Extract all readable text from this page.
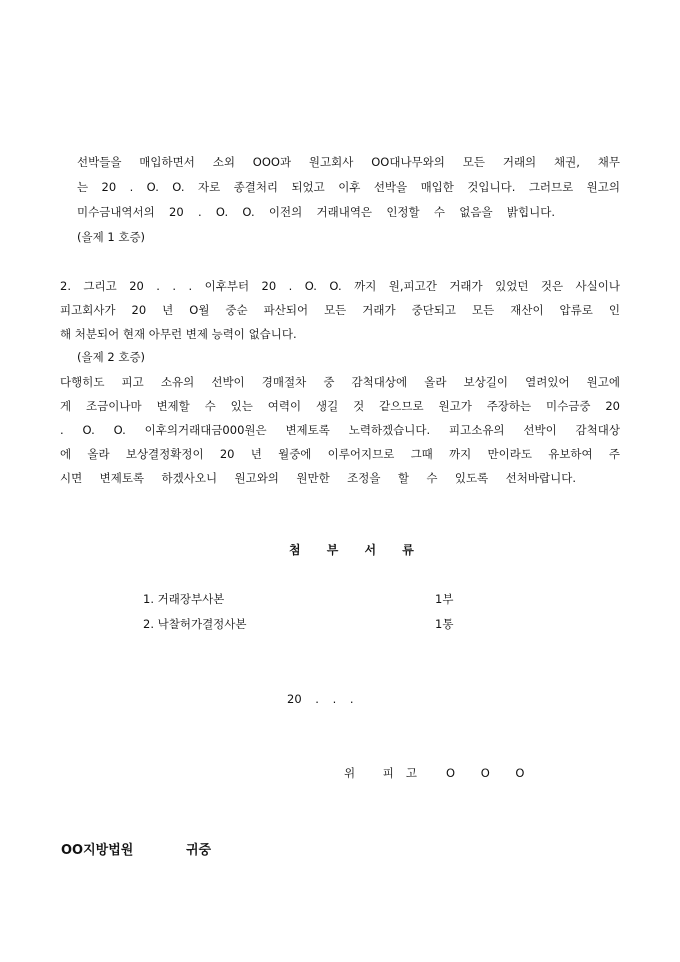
선박들을 매입하면서 소외 OOO과 원고회사 OO대나무와의 모든 거래의 채권, 채무
는 20 . O. O. 자로 종결처리 되었고 이후 선박을 매입한 것입니다. 그러므로 원고의
미수금내역서의 20 . O. O. 이전의 거래내역은 인정할 수 없음을 밝힙니다.
(을제 1 호증)
2. 그리고 20 . . . 이후부터 20 . O. O. 까지 원,피고간 거래가 있었던 것은 사실이나
피고회사가 20 년 O월 중순 파산되어 모든 거래가 중단되고 모든 재산이 압류로 인
해 처분되어 현재 아무런 변제 능력이 없습니다.
(을제 2 호증)
다행히도 피고 소유의 선박이 경매절차 중 감척대상에 올라 보상길이 열려있어 원고에
게 조금이나마 변제할 수 있는 여력이 생길 것 같으므로 원고가 주장하는 미수금중 20
. O. O. 이후의거래대금000원은 변제토록 노력하겠습니다. 피고소유의 선박이 감척대상
에 올라 보상결정확정이 20 년 월중에 이루어지므로 그때 까지 만이라도 유보하여 주
시면 변제토록 하겠사오니 원고와의 원만한 조정을 할 수 있도록 선처바랍니다.
첨 부 서 류
1. 거래장부사본	1부
2. 낙찰허가결정사본	1통
20 . . .
위 피고 O O O
OO지방법원	귀중
